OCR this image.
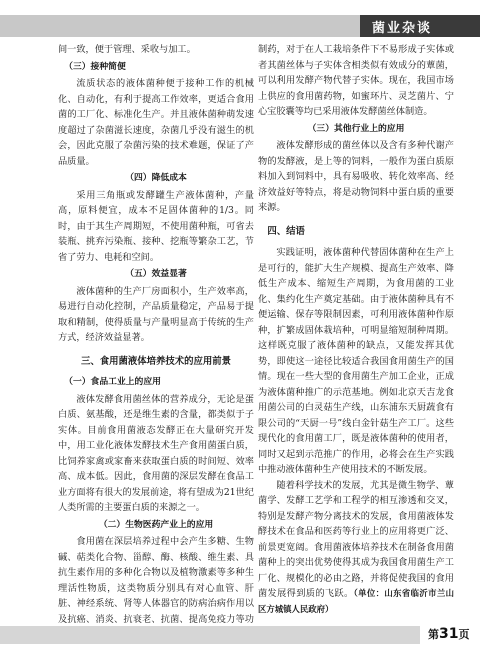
菌业杂谈

间一致，便于管理、采收与加工。

（三）接种简便

流质状态的液体菌种便于接种工作的机械化、自动化，有利于提高工作效率，更适合食用菌的工厂化、标准化生产。并且液体菌种萌发速度超过了杂菌滋长速度，杂菌几乎没有滋生的机会，因此克服了杂菌污染的技术难题，保证了产品质量。

（四）降低成本

采用三角瓶或发酵罐生产液体菌种，产量高，原料便宜，成本不足固体菌种的1/3。同时，由于其生产周期短，不使用菌种瓶，可省去装瓶、挑弃污染瓶、接种、挖瓶等繁杂工艺，节省了劳力、电耗和空间。

（五）效益显著

液体菌种的生产厂房面积小，生产效率高，易进行自动化控制，产品质量稳定，产品易于提取和精制，使得质量与产量明显高于传统的生产方式，经济效益显著。

三、食用菌液体培养技术的应用前景

（一）食品工业上的应用

液体发酵食用菌丝体的营养成分，无论是蛋白质、氨基酸，还是维生素的含量，都类似于子实体。目前食用菌液态发酵正在大量研究开发中，用工业化液体发酵技术生产食用菌蛋白质，比饲养家禽或家畜来获取蛋白质的时间短、效率高、成本低。因此，食用菌的深层发酵在食品工业方面将有很大的发展前途，将有望成为21世纪人类所需的主要蛋白质的来源之一。

（二）生物医药产业上的应用

食用菌在深层培养过程中会产生多糖、生物碱、萜类化合物、甾醇、酶、核酸、维生素、具抗生素作用的多种化合物以及植物激素等多种生理活性物质，这类物质分别具有对心血管、肝脏、神经系统、肾等人体器官的防病治病作用以及抗癌、消炎、抗衰老、抗菌、提高免疫力等功

制药，对于在人工栽培条件下不易形成子实体或者其菌丝体与子实体含相类似有效成分的蕈菌，可以利用发酵产物代替子实体。现在，我国市场上供应的食用菌药物，如蜜环片、灵芝菌片、宁心宝胶囊等均已采用液体发酵菌丝体制造。

（三）其他行业上的应用

液体发酵形成的菌丝体以及含有多种代谢产物的发酵液，是上等的饲料，一般作为蛋白质原料加入到饲料中，具有易吸收、转化效率高、经济效益好等特点，将是动物饲料中蛋白质的重要来源。

四、结语

实践证明，液体菌种代替固体菌种在生产上是可行的，能扩大生产规模、提高生产效率、降低生产成本、缩短生产周期，为食用菌的工业化、集约化生产奠定基础。由于液体菌种具有不便运输、保存等限制因素，可利用液体菌种作原种，扩繁成固体栽培种，可明显缩短制种周期。这样既克服了液体菌种的缺点，又能发挥其优势，即使这一途径比较适合我国食用菌生产的国情。现在一些大型的食用菌生产加工企业，正成为液体菌种推广的示范基地。例如北京天吉龙食用菌公司的白灵菇生产线，山东浦东天厨蔬食有限公司的“天厨一号”线白金针菇生产工厂。这些现代化的食用菌工厂，既是液体菌种的使用者，同时又起到示范推广的作用，必将会在生产实践中推动液体菌种生产使用技术的不断发展。

随着科学技术的发展，尤其是微生物学、蕈菌学、发酵工艺学和工程学的相互渗透和交叉，特别是发酵产物分离技术的发展，食用菌液体发酵技术在食品和医药等行业上的应用将更广泛、前景更宽阔。食用菌液体培养技术在制备食用菌菌种上的突出优势使得其成为我国食用菌生产工厂化、规模化的必由之路，并将促使我国的食用菌发展得到质的飞跃。（单位：山东省临沂市兰山区方城镇人民政府）

第31页
